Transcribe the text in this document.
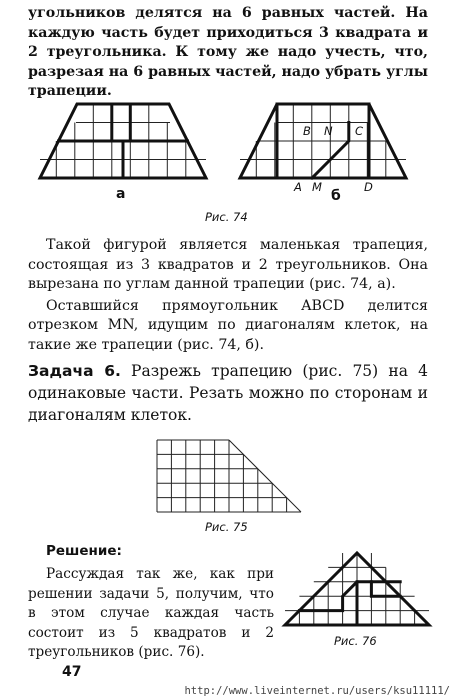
угольников делятся на 6 равных частей. На каждую часть будет приходиться 3 квадрата и 2 треугольника. К тому же надо учесть, что, разрезая на 6 равных частей, надо убрать углы трапеции.

а
B N C
A M	D
б
Рис. 74

Такой фигурой является маленькая трапеция, состоящая из 3 квадратов и 2 треугольников. Она вырезана по углам данной трапеции (рис. 74, а).

Оставшийся прямоугольник ABCD делится отрезком MN, идущим по диагоналям клеток, на такие же трапеции (рис. 74, б).

Задача 6. Разрежь трапецию (рис. 75) на 4 одинаковые части. Резать можно по сторонам и диагоналям клеток.
Рис. 75
Решение:

Рассуждая так же, как при решении задачи 5, получим, что в этом случае каждая часть состоит из 5 квадратов и 2 треугольников (рис. 76).

Рис. 76
47
http://www.liveinternet.ru/users/ksu11111/
